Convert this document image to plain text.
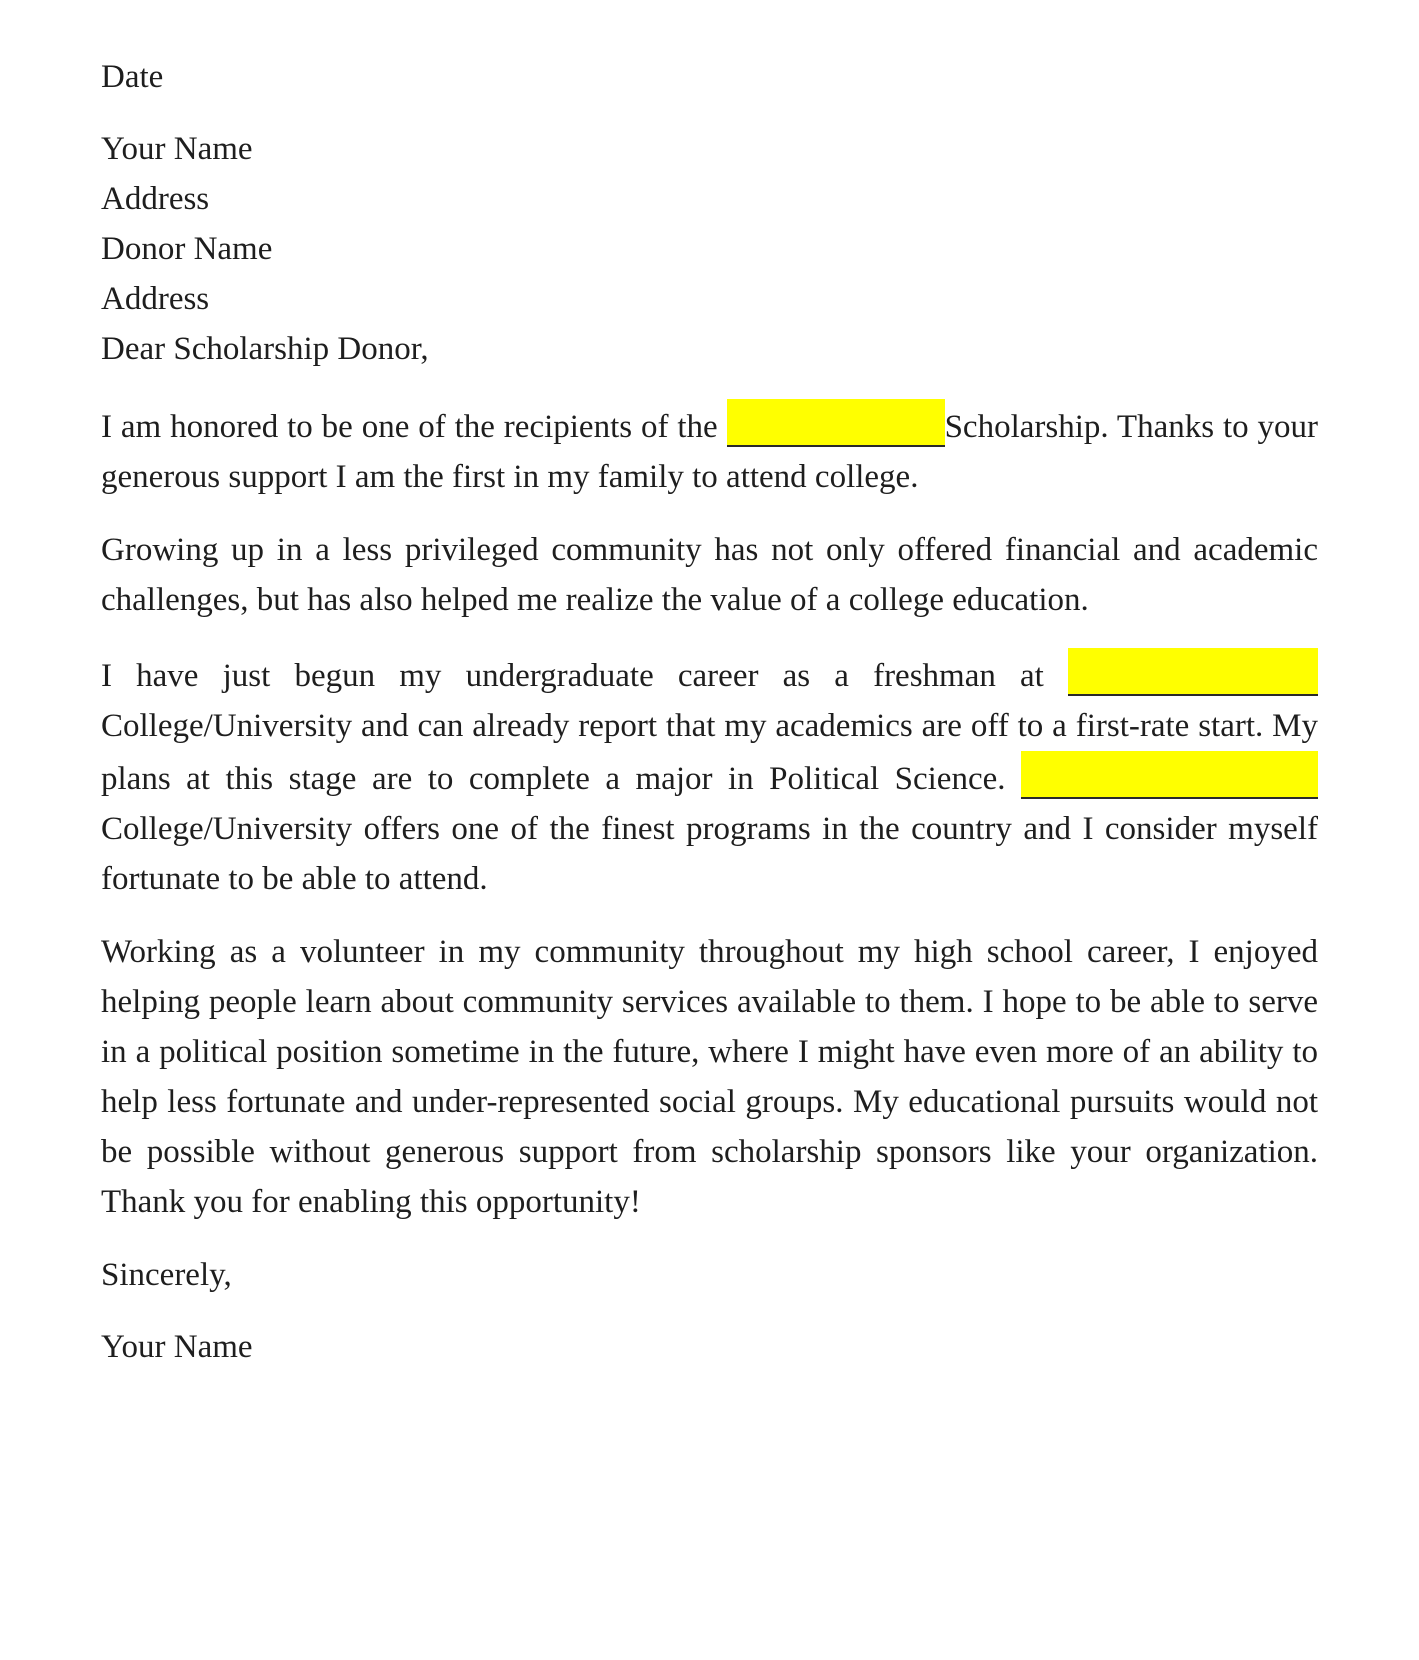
Date
Your Name
Address
Donor Name
Address
Dear Scholarship Donor,

I am honored to be one of the recipients of the	Scholarship. Thanks to your generous support I am the first in my family to attend college.

Growing up in a less privileged community has not only offered financial and academic challenges, but has also helped me realize the value of a college education.

I have just begun my undergraduate career as a freshman at  College/University and can already report that my academics are off to a first-rate start. My plans at this stage are to complete a major in Political Science.  College/University offers one of the finest programs in the country and I consider myself fortunate to be able to attend.

Working as a volunteer in my community throughout my high school career, I enjoyed helping people learn about community services available to them. I hope to be able to serve in a political position sometime in the future, where I might have even more of an ability to help less fortunate and under-represented social groups. My educational pursuits would not be possible without generous support from scholarship sponsors like your organization. Thank you for enabling this opportunity!

Sincerely,
Your Name
